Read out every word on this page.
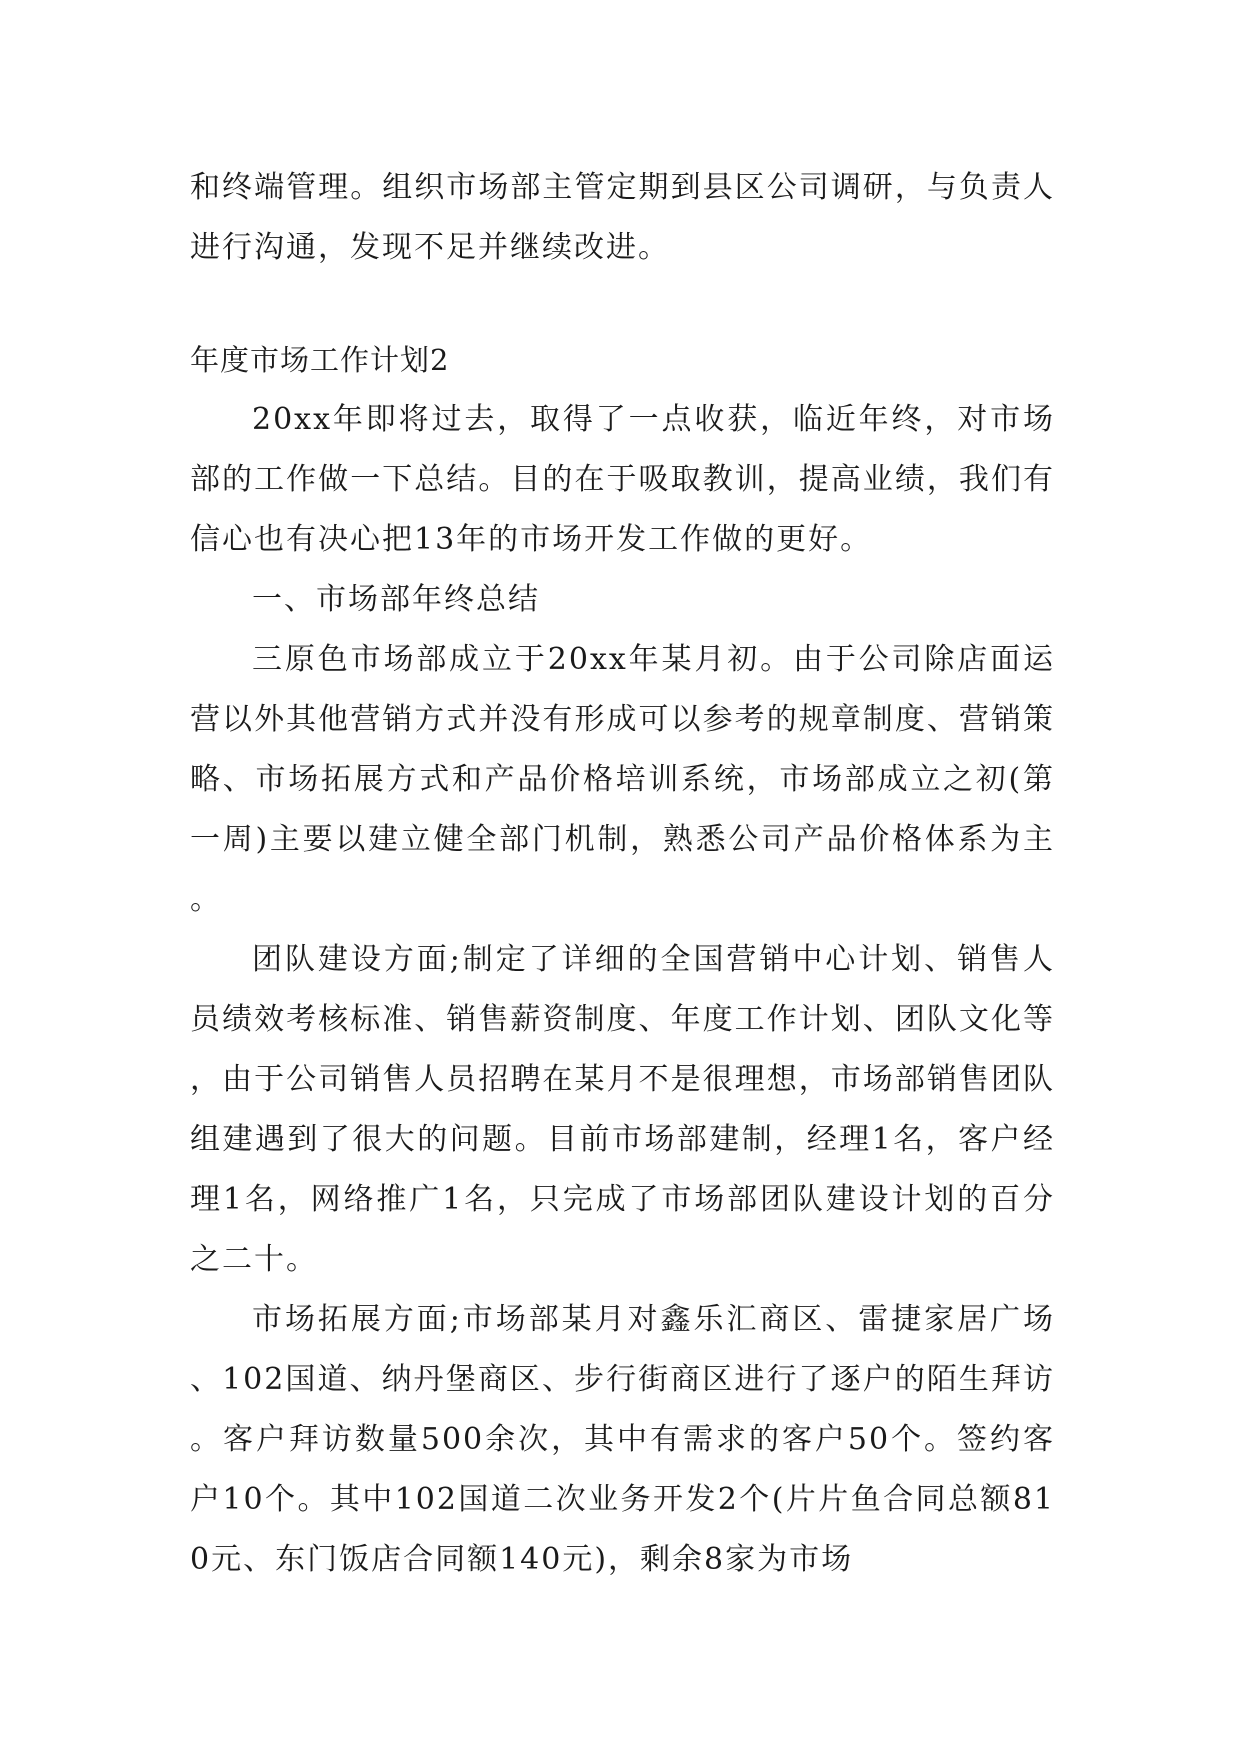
和终端管理。组织市场部主管定期到县区公司调研，与负责人进行沟通，发现不足并继续改进。

年度市场工作计划2

20xx年即将过去，取得了一点收获，临近年终，对市场部的工作做一下总结。目的在于吸取教训，提高业绩，我们有信心也有决心把13年的市场开发工作做的更好。

一、市场部年终总结

三原色市场部成立于20xx年某月初。由于公司除店面运营以外其他营销方式并没有形成可以参考的规章制度、营销策略、市场拓展方式和产品价格培训系统，市场部成立之初(第一周)主要以建立健全部门机制，熟悉公司产品价格体系为主。

团队建设方面;制定了详细的全国营销中心计划、销售人员绩效考核标准、销售薪资制度、年度工作计划、团队文化等，由于公司销售人员招聘在某月不是很理想，市场部销售团队组建遇到了很大的问题。目前市场部建制，经理1名，客户经理1名，网络推广1名，只完成了市场部团队建设计划的百分之二十。

市场拓展方面;市场部某月对鑫乐汇商区、雷捷家居广场、102国道、纳丹堡商区、步行街商区进行了逐户的陌生拜访。客户拜访数量500余次，其中有需求的客户50个。签约客户10个。其中102国道二次业务开发2个(片片鱼合同总额810元、东门饭店合同额140元)，剩余8家为市场
